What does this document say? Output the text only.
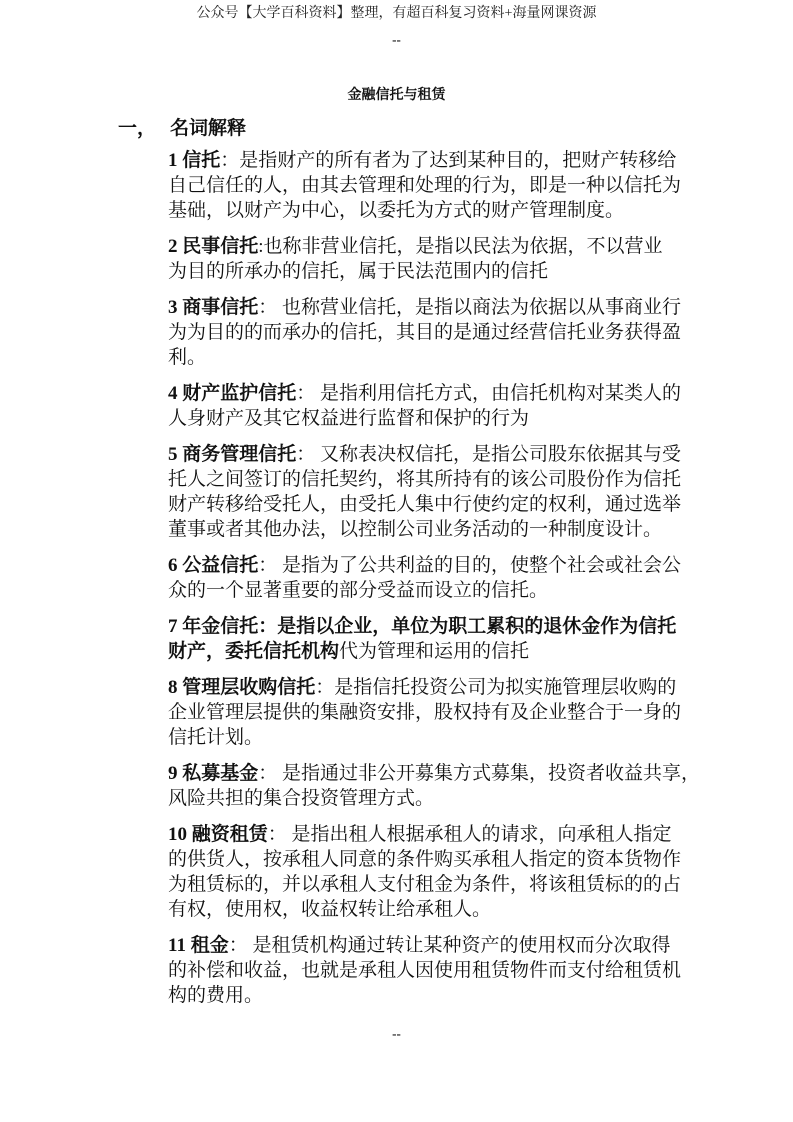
公众号【大学百科资料】整理，有超百科复习资料+海量网课资源
--
金融信托与租赁
一， 名词解释
1 信托：是指财产的所有者为了达到某种目的，把财产转移给
自己信任的人，由其去管理和处理的行为，即是一种以信托为
基础，以财产为中心，以委托为方式的财产管理制度。
2 民事信托:也称非营业信托，是指以民法为依据，不以营业
为目的所承办的信托，属于民法范围内的信托
3 商事信托： 也称营业信托，是指以商法为依据以从事商业行
为为目的的而承办的信托，其目的是通过经营信托业务获得盈
利。
4 财产监护信托： 是指利用信托方式，由信托机构对某类人的
人身财产及其它权益进行监督和保护的行为
5 商务管理信托： 又称表决权信托，是指公司股东依据其与受
托人之间签订的信托契约，将其所持有的该公司股份作为信托
财产转移给受托人，由受托人集中行使约定的权利，通过选举
董事或者其他办法，以控制公司业务活动的一种制度设计。
6 公益信托： 是指为了公共利益的目的，使整个社会或社会公
众的一个显著重要的部分受益而设立的信托。
7 年金信托：是指以企业，单位为职工累积的退休金作为信托
财产，委托信托机构代为管理和运用的信托
8 管理层收购信托：是指信托投资公司为拟实施管理层收购的
企业管理层提供的集融资安排，股权持有及企业整合于一身的
信托计划。
9 私募基金： 是指通过非公开募集方式募集，投资者收益共享，
风险共担的集合投资管理方式。
10 融资租赁： 是指出租人根据承租人的请求，向承租人指定
的供货人，按承租人同意的条件购买承租人指定的资本货物作
为租赁标的，并以承租人支付租金为条件，将该租赁标的的占
有权，使用权，收益权转让给承租人。
11 租金： 是租赁机构通过转让某种资产的使用权而分次取得
的补偿和收益，也就是承租人因使用租赁物件而支付给租赁机
构的费用。
--
